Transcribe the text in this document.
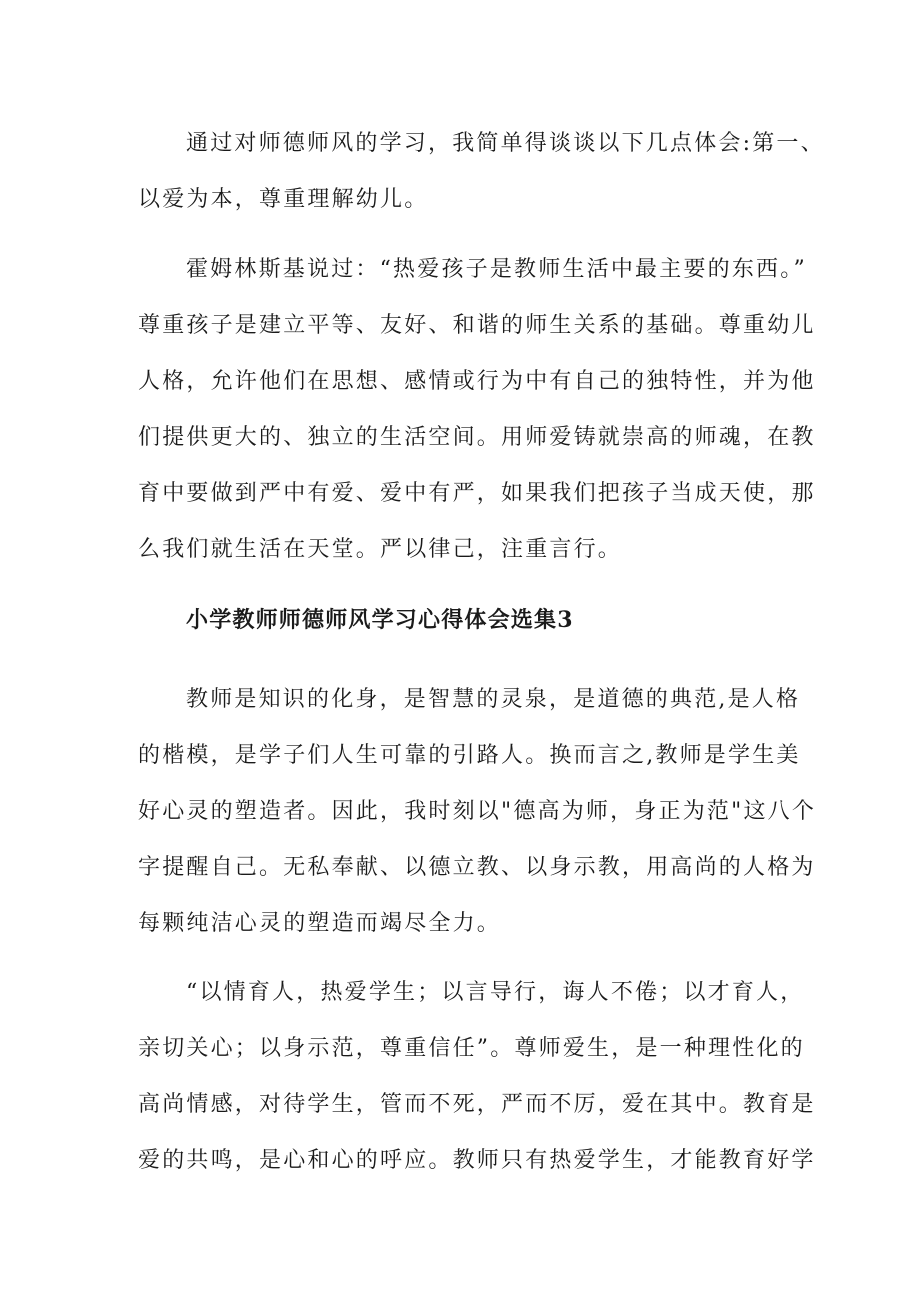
通过对师德师风的学习，我简单得谈谈以下几点体会:第一、
以爱为本，尊重理解幼儿。
霍姆林斯基说过：“热爱孩子是教师生活中最主要的东西。”
尊重孩子是建立平等、友好、和谐的师生关系的基础。尊重幼儿
人格，允许他们在思想、感情或行为中有自己的独特性，并为他
们提供更大的、独立的生活空间。用师爱铸就崇高的师魂，在教
育中要做到严中有爱、爱中有严，如果我们把孩子当成天使，那
么我们就生活在天堂。严以律己，注重言行。
小学教师师德师风学习心得体会选集3
教师是知识的化身，是智慧的灵泉，是道德的典范,是人格
的楷模，是学子们人生可靠的引路人。换而言之,教师是学生美
好心灵的塑造者。因此，我时刻以"德高为师，身正为范"这八个
字提醒自己。无私奉献、以德立教、以身示教，用高尚的人格为
每颗纯洁心灵的塑造而竭尽全力。
“以情育人，热爱学生；以言导行，诲人不倦；以才育人，
亲切关心；以身示范，尊重信任”。尊师爱生，是一种理性化的
高尚情感，对待学生，管而不死，严而不厉，爱在其中。教育是
爱的共鸣，是心和心的呼应。教师只有热爱学生，才能教育好学
